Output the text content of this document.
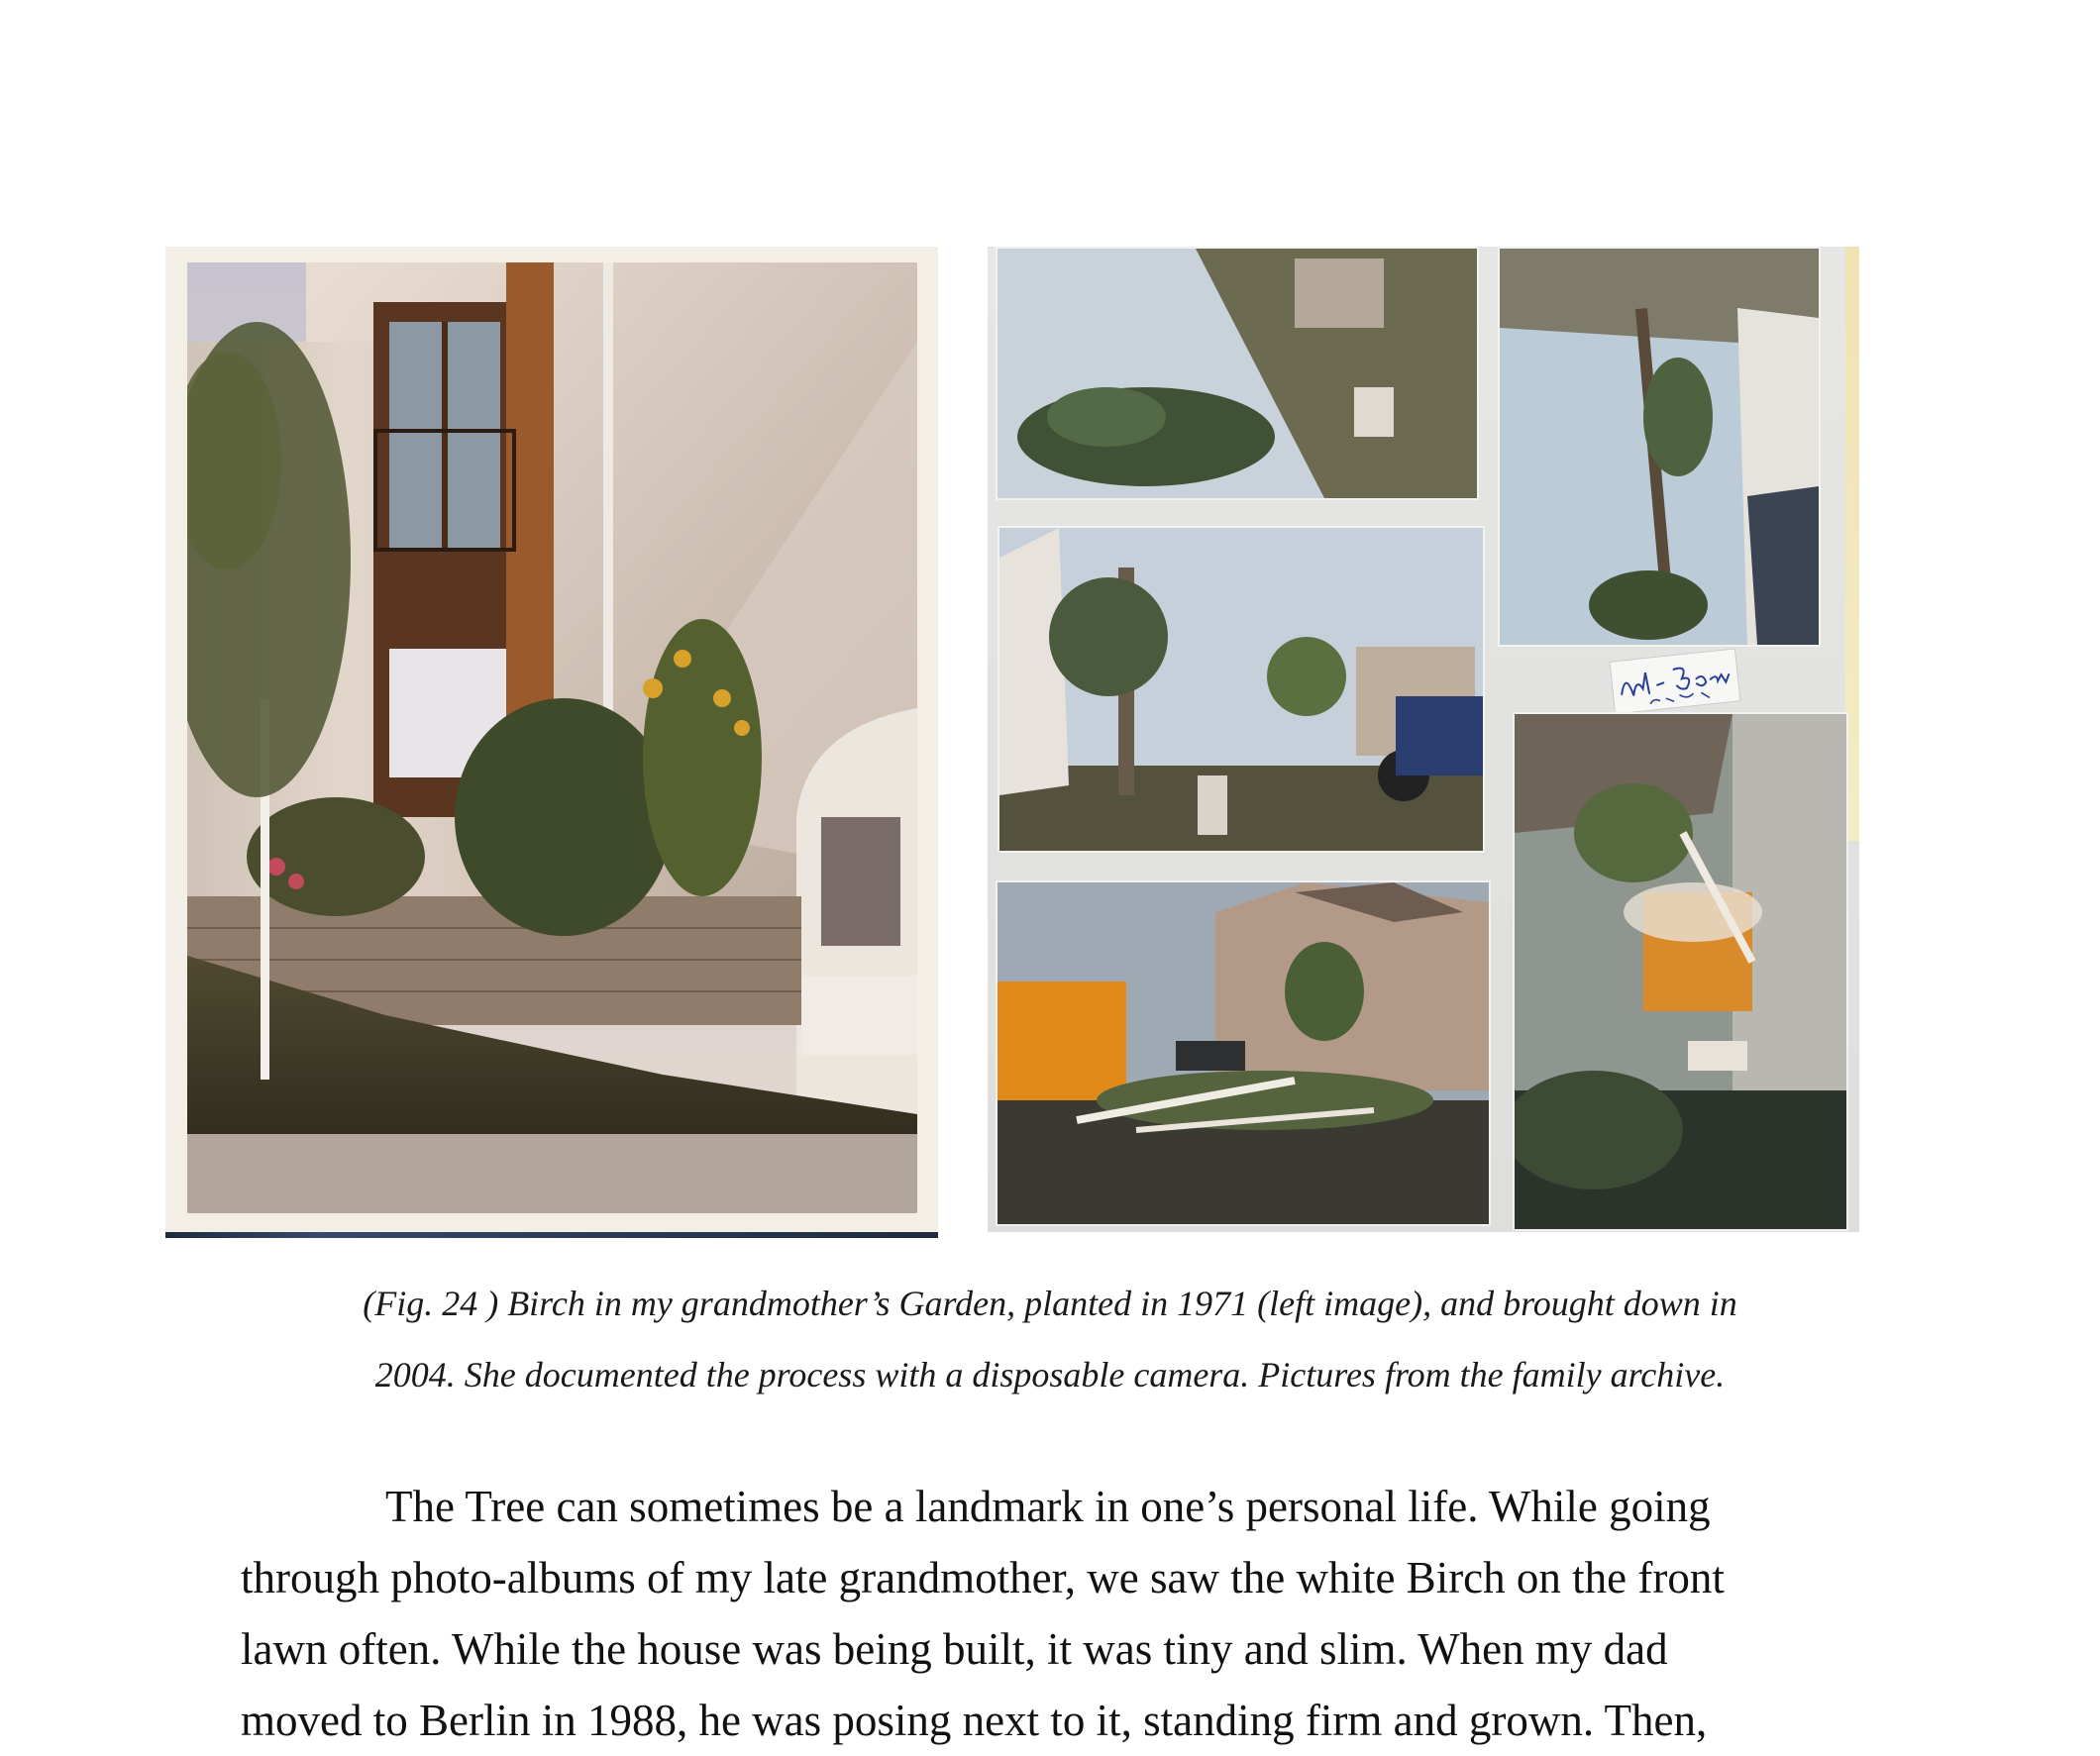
(Fig. 24 ) Birch in my grandmother’s Garden, planted in 1971 (left image), and brought down in
2004. She documented the process with a disposable camera. Pictures from the family archive.

The Tree can sometimes be a landmark in one’s personal life. While going
through photo-albums of my late grandmother, we saw the white Birch on the front
lawn often. While the house was being built, it was tiny and slim. When my dad
moved to Berlin in 1988, he was posing next to it, standing firm and grown. Then,
